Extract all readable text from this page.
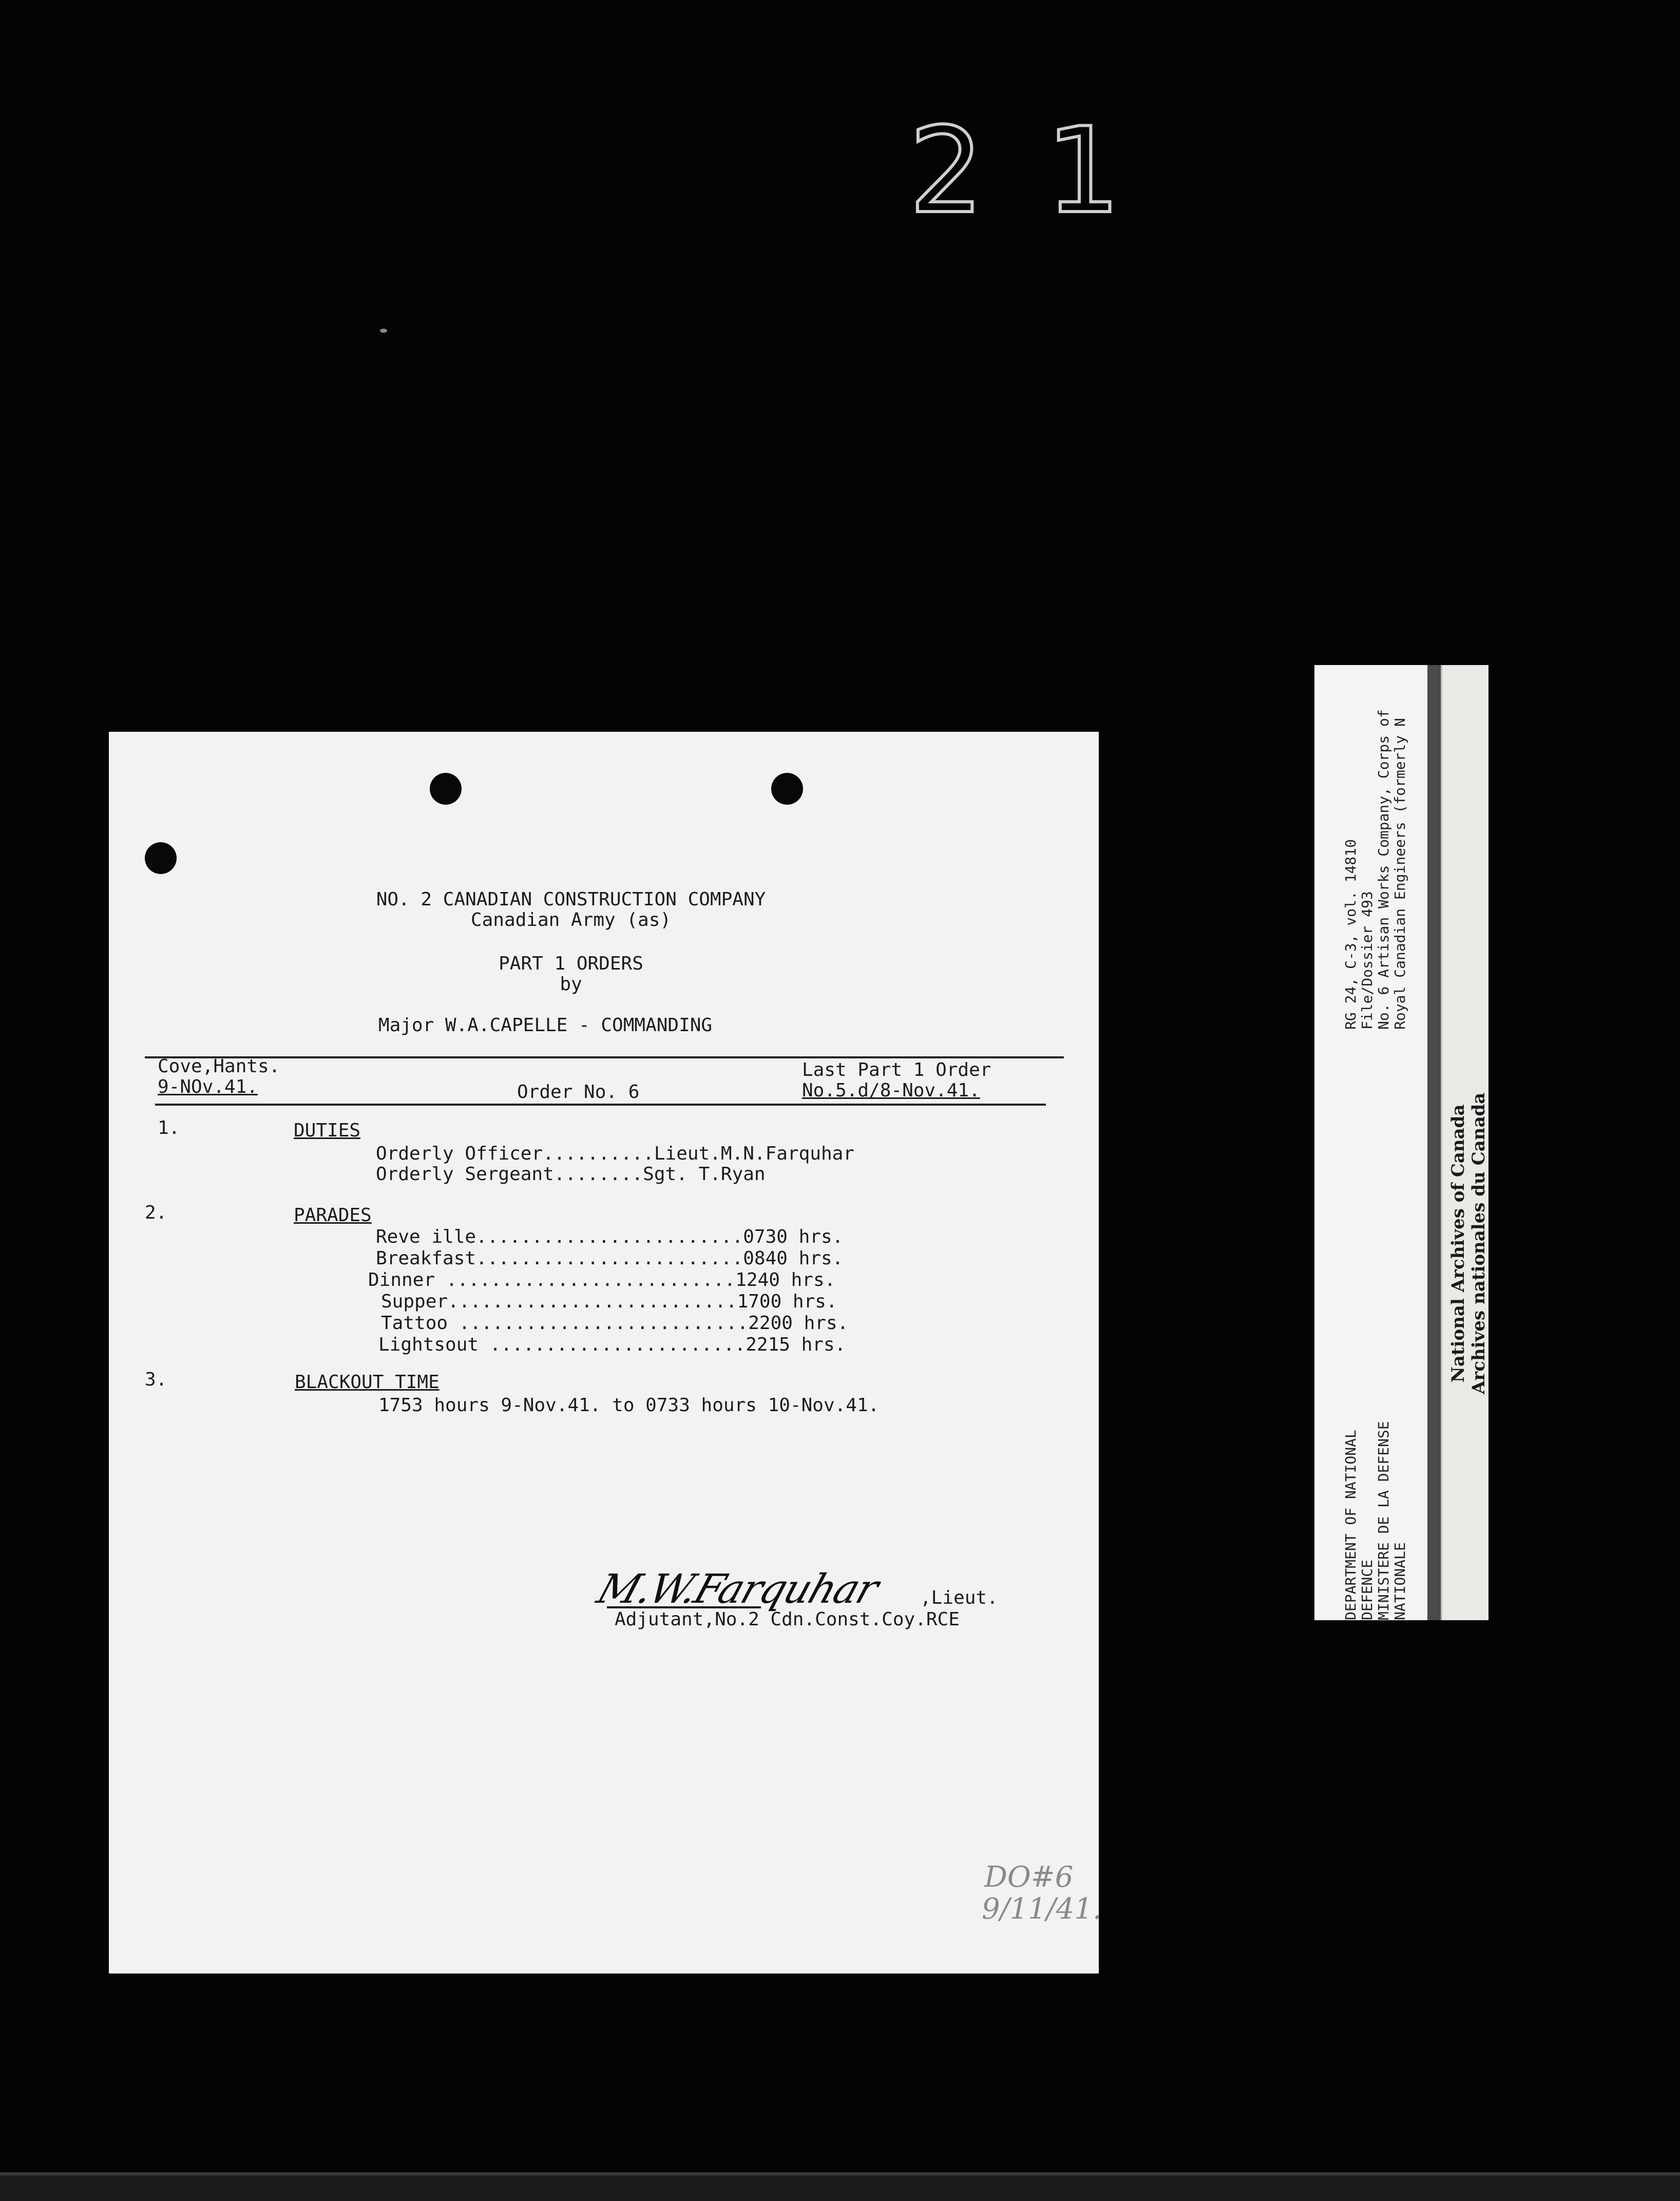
21
NO. 2 CANADIAN CONSTRUCTION COMPANY
Canadian Army (as)
PART 1 ORDERS
by
Major W.A.CAPELLE - COMMANDING
Cove,Hants.
9-NOv.41.	Order No. 6
Last Part 1 Order
No.5.d/8-Nov.41.
1.	DUTIES
Orderly Officer..........Lieut.M.N.Farquhar
Orderly Sergeant........Sgt. T.Ryan
2.	PARADES
Reve ille........................0730 hrs.
Breakfast........................0840 hrs.
Dinner ..........................1240 hrs.
Supper..........................1700 hrs.
Tattoo ..........................2200 hrs.
Lightsout .......................2215 hrs.
3.	BLACKOUT TIME
1753 hours 9-Nov.41. to 0733 hours 10-Nov.41.
M.W.Farquhar ,Lieut.
Adjutant,No.2 Cdn.Const.Coy.RCE
DO#6
9/11/41.
RG 24, C-3, vol. 14810
File/Dossier 493
No. 6 Artisan Works Company, Corps of
Royal Canadian Engineers (formerly N
DEPARTMENT OF NATIONAL
DEFENCE
MINISTERE DE LA DEFENSE
NATIONALE
National Archives of Canada
Archives nationales du Canada
